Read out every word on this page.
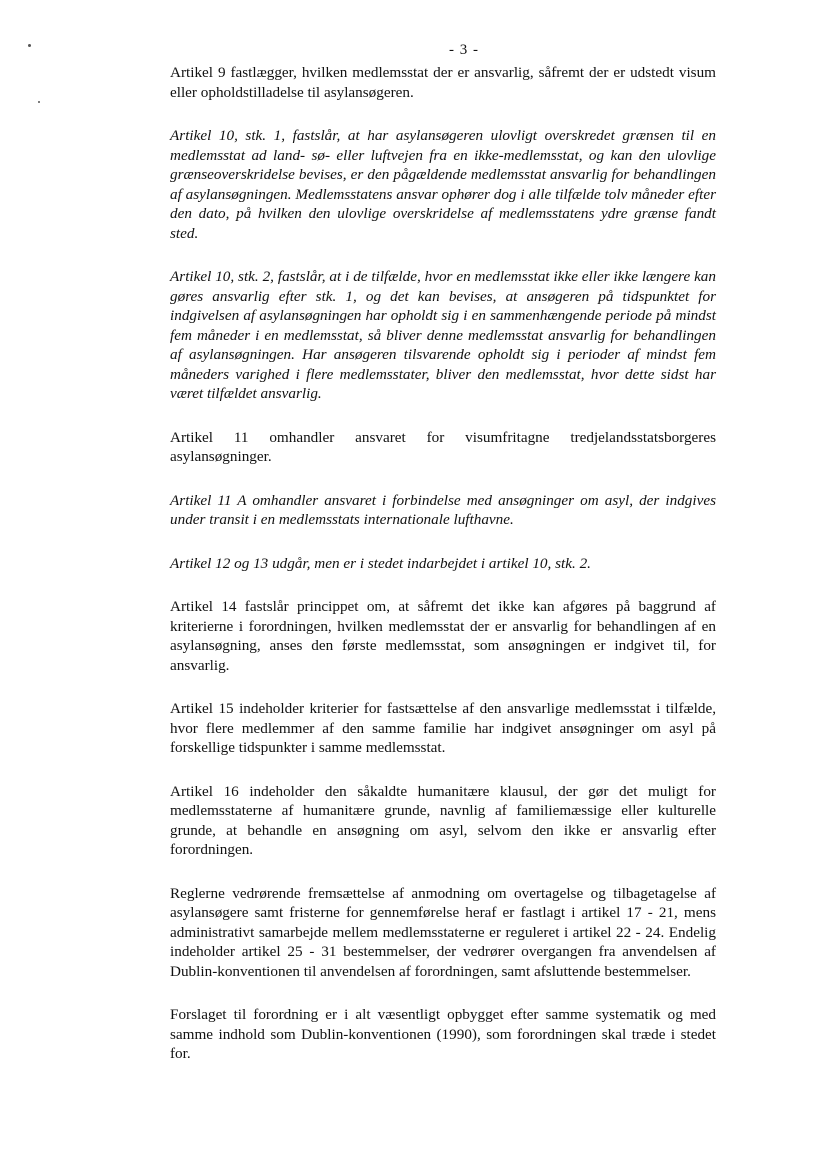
- 3 -

Artikel 9 fastlægger, hvilken medlemsstat der er ansvarlig, såfremt der er udstedt visum eller opholdstilladelse til asylansøgeren.

Artikel 10, stk. 1, fastslår, at har asylansøgeren ulovligt overskredet grænsen til en medlemsstat ad land- sø- eller luftvejen fra en ikke-medlemsstat, og kan den ulovlige grænseoverskridelse bevises, er den pågældende medlemsstat ansvarlig for behandlingen af asylansøgningen. Medlemsstatens ansvar ophører dog i alle tilfælde tolv måneder efter den dato, på hvilken den ulovlige overskridelse af medlemsstatens ydre grænse fandt sted.

Artikel 10, stk. 2, fastslår, at i de tilfælde, hvor en medlemsstat ikke eller ikke længere kan gøres ansvarlig efter stk. 1, og det kan bevises, at ansøgeren på tidspunktet for indgivelsen af asylansøgningen har opholdt sig i en sammenhængende periode på mindst fem måneder i en medlemsstat, så bliver denne medlemsstat ansvarlig for behandlingen af asylansøgningen. Har ansøgeren tilsvarende opholdt sig i perioder af mindst fem måneders varighed i flere medlemsstater, bliver den medlemsstat, hvor dette sidst har været tilfældet ansvarlig.

Artikel 11 omhandler ansvaret for visumfritagne tredjelandsstatsborgeres asylansøgninger.

Artikel 11 A omhandler ansvaret i forbindelse med ansøgninger om asyl, der indgives under transit i en medlemsstats internationale lufthavne.

Artikel 12 og 13 udgår, men er i stedet indarbejdet i artikel 10, stk. 2.

Artikel 14 fastslår princippet om, at såfremt det ikke kan afgøres på baggrund af kriterierne i forordningen, hvilken medlemsstat der er ansvarlig for behandlingen af en asylansøgning, anses den første medlemsstat, som ansøgningen er indgivet til, for ansvarlig.

Artikel 15 indeholder kriterier for fastsættelse af den ansvarlige medlemsstat i tilfælde, hvor flere medlemmer af den samme familie har indgivet ansøgninger om asyl på forskellige tidspunkter i samme medlemsstat.

Artikel 16 indeholder den såkaldte humanitære klausul, der gør det muligt for medlemsstaterne af humanitære grunde, navnlig af familiemæssige eller kulturelle grunde, at behandle en ansøgning om asyl, selvom den ikke er ansvarlig efter forordningen.

Reglerne vedrørende fremsættelse af anmodning om overtagelse og tilbagetagelse af asylansøgere samt fristerne for gennemførelse heraf er fastlagt i artikel 17 - 21, mens administrativt samarbejde mellem medlemsstaterne er reguleret i artikel 22 - 24. Endelig indeholder artikel 25 - 31 bestemmelser, der vedrører overgangen fra anvendelsen af Dublin-konventionen til anvendelsen af forordningen, samt afsluttende bestemmelser.

Forslaget til forordning er i alt væsentligt opbygget efter samme systematik og med samme indhold som Dublin-konventionen (1990), som forordningen skal træde i stedet for.
